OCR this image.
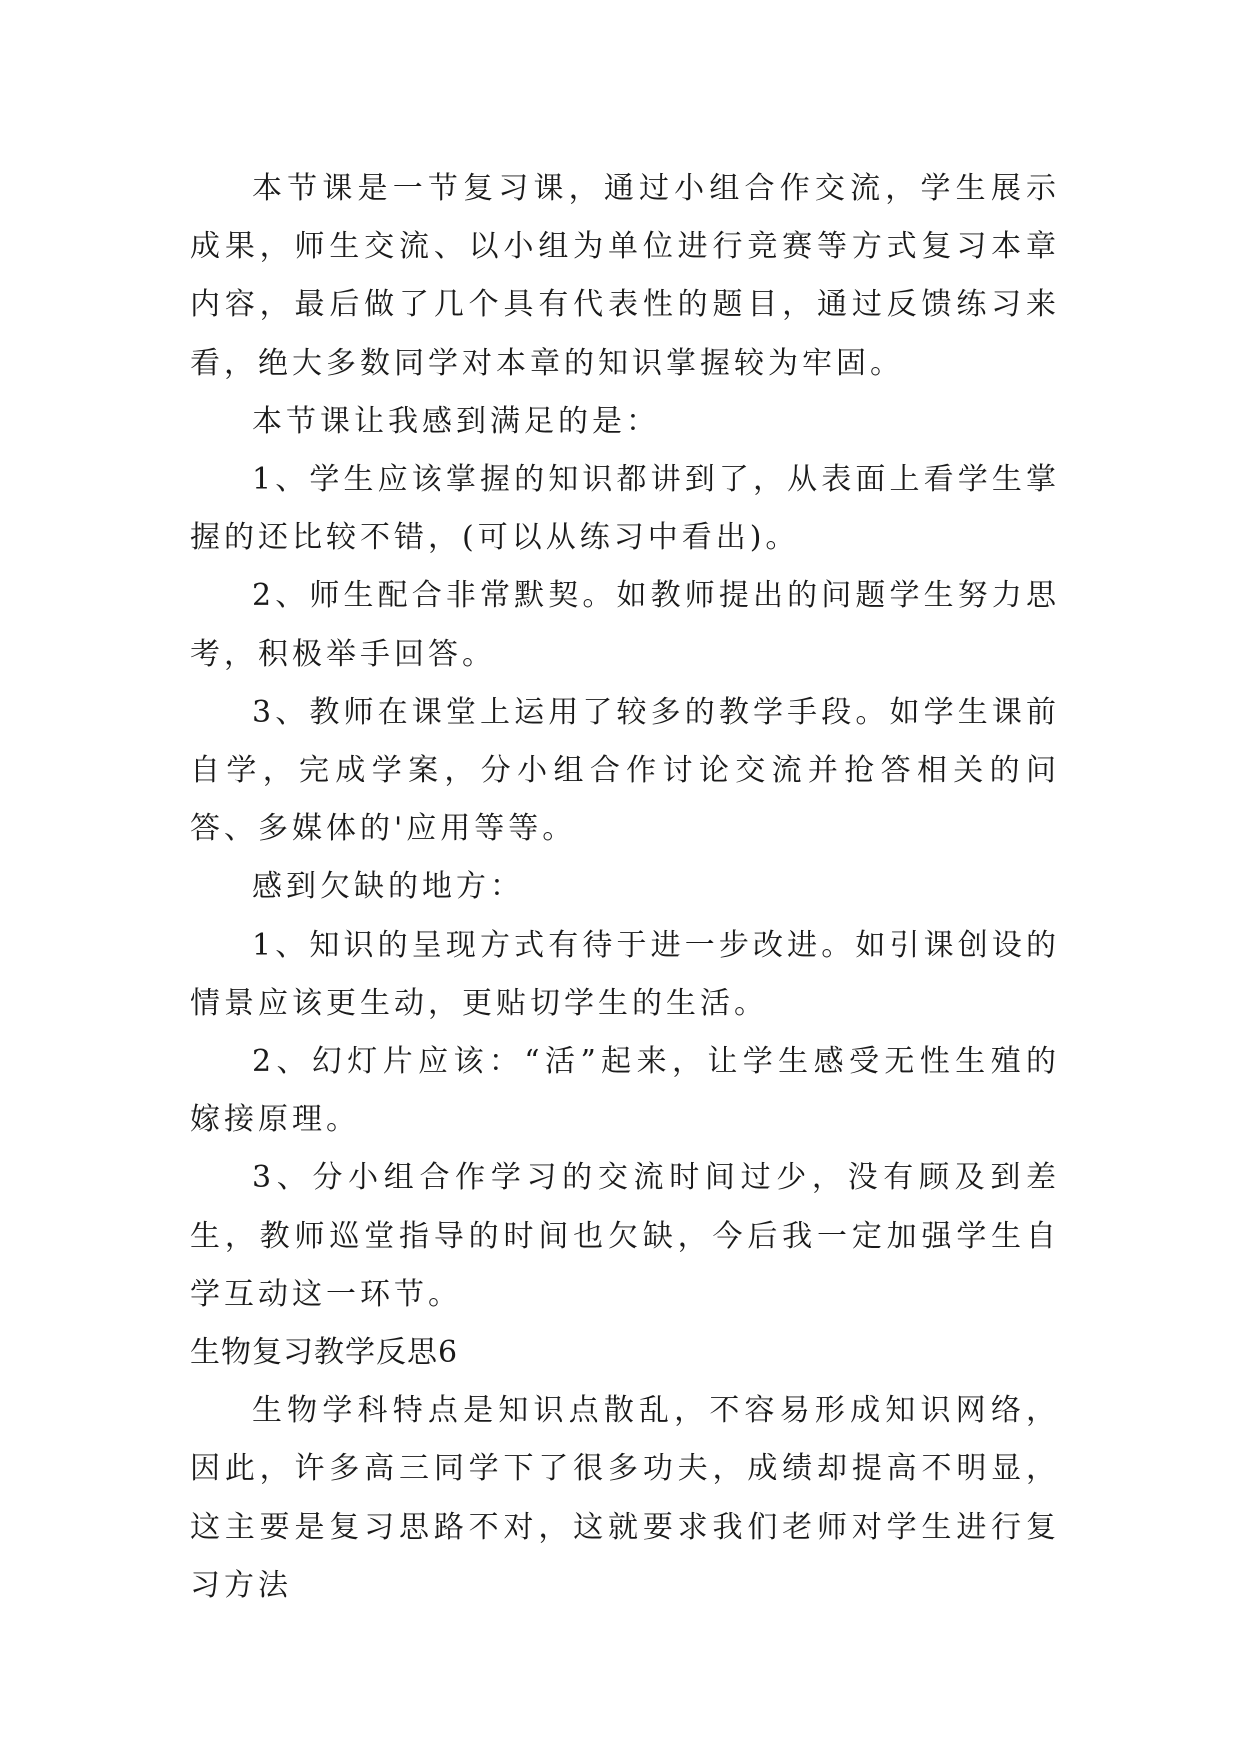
本节课是一节复习课，通过小组合作交流，学生展示成果，师生交流、以小组为单位进行竞赛等方式复习本章内容，最后做了几个具有代表性的题目，通过反馈练习来看，绝大多数同学对本章的知识掌握较为牢固。

本节课让我感到满足的是：

1、学生应该掌握的知识都讲到了，从表面上看学生掌握的还比较不错，(可以从练习中看出)。

2、师生配合非常默契。如教师提出的问题学生努力思考，积极举手回答。

3、教师在课堂上运用了较多的教学手段。如学生课前自学，完成学案，分小组合作讨论交流并抢答相关的问答、多媒体的'应用等等。

感到欠缺的地方：

1、知识的呈现方式有待于进一步改进。如引课创设的情景应该更生动，更贴切学生的生活。

2、幻灯片应该：“活”起来，让学生感受无性生殖的嫁接原理。

3、分小组合作学习的交流时间过少，没有顾及到差生，教师巡堂指导的时间也欠缺，今后我一定加强学生自学互动这一环节。

生物复习教学反思6

生物学科特点是知识点散乱，不容易形成知识网络，因此，许多高三同学下了很多功夫，成绩却提高不明显，这主要是复习思路不对，这就要求我们老师对学生进行复习方法
